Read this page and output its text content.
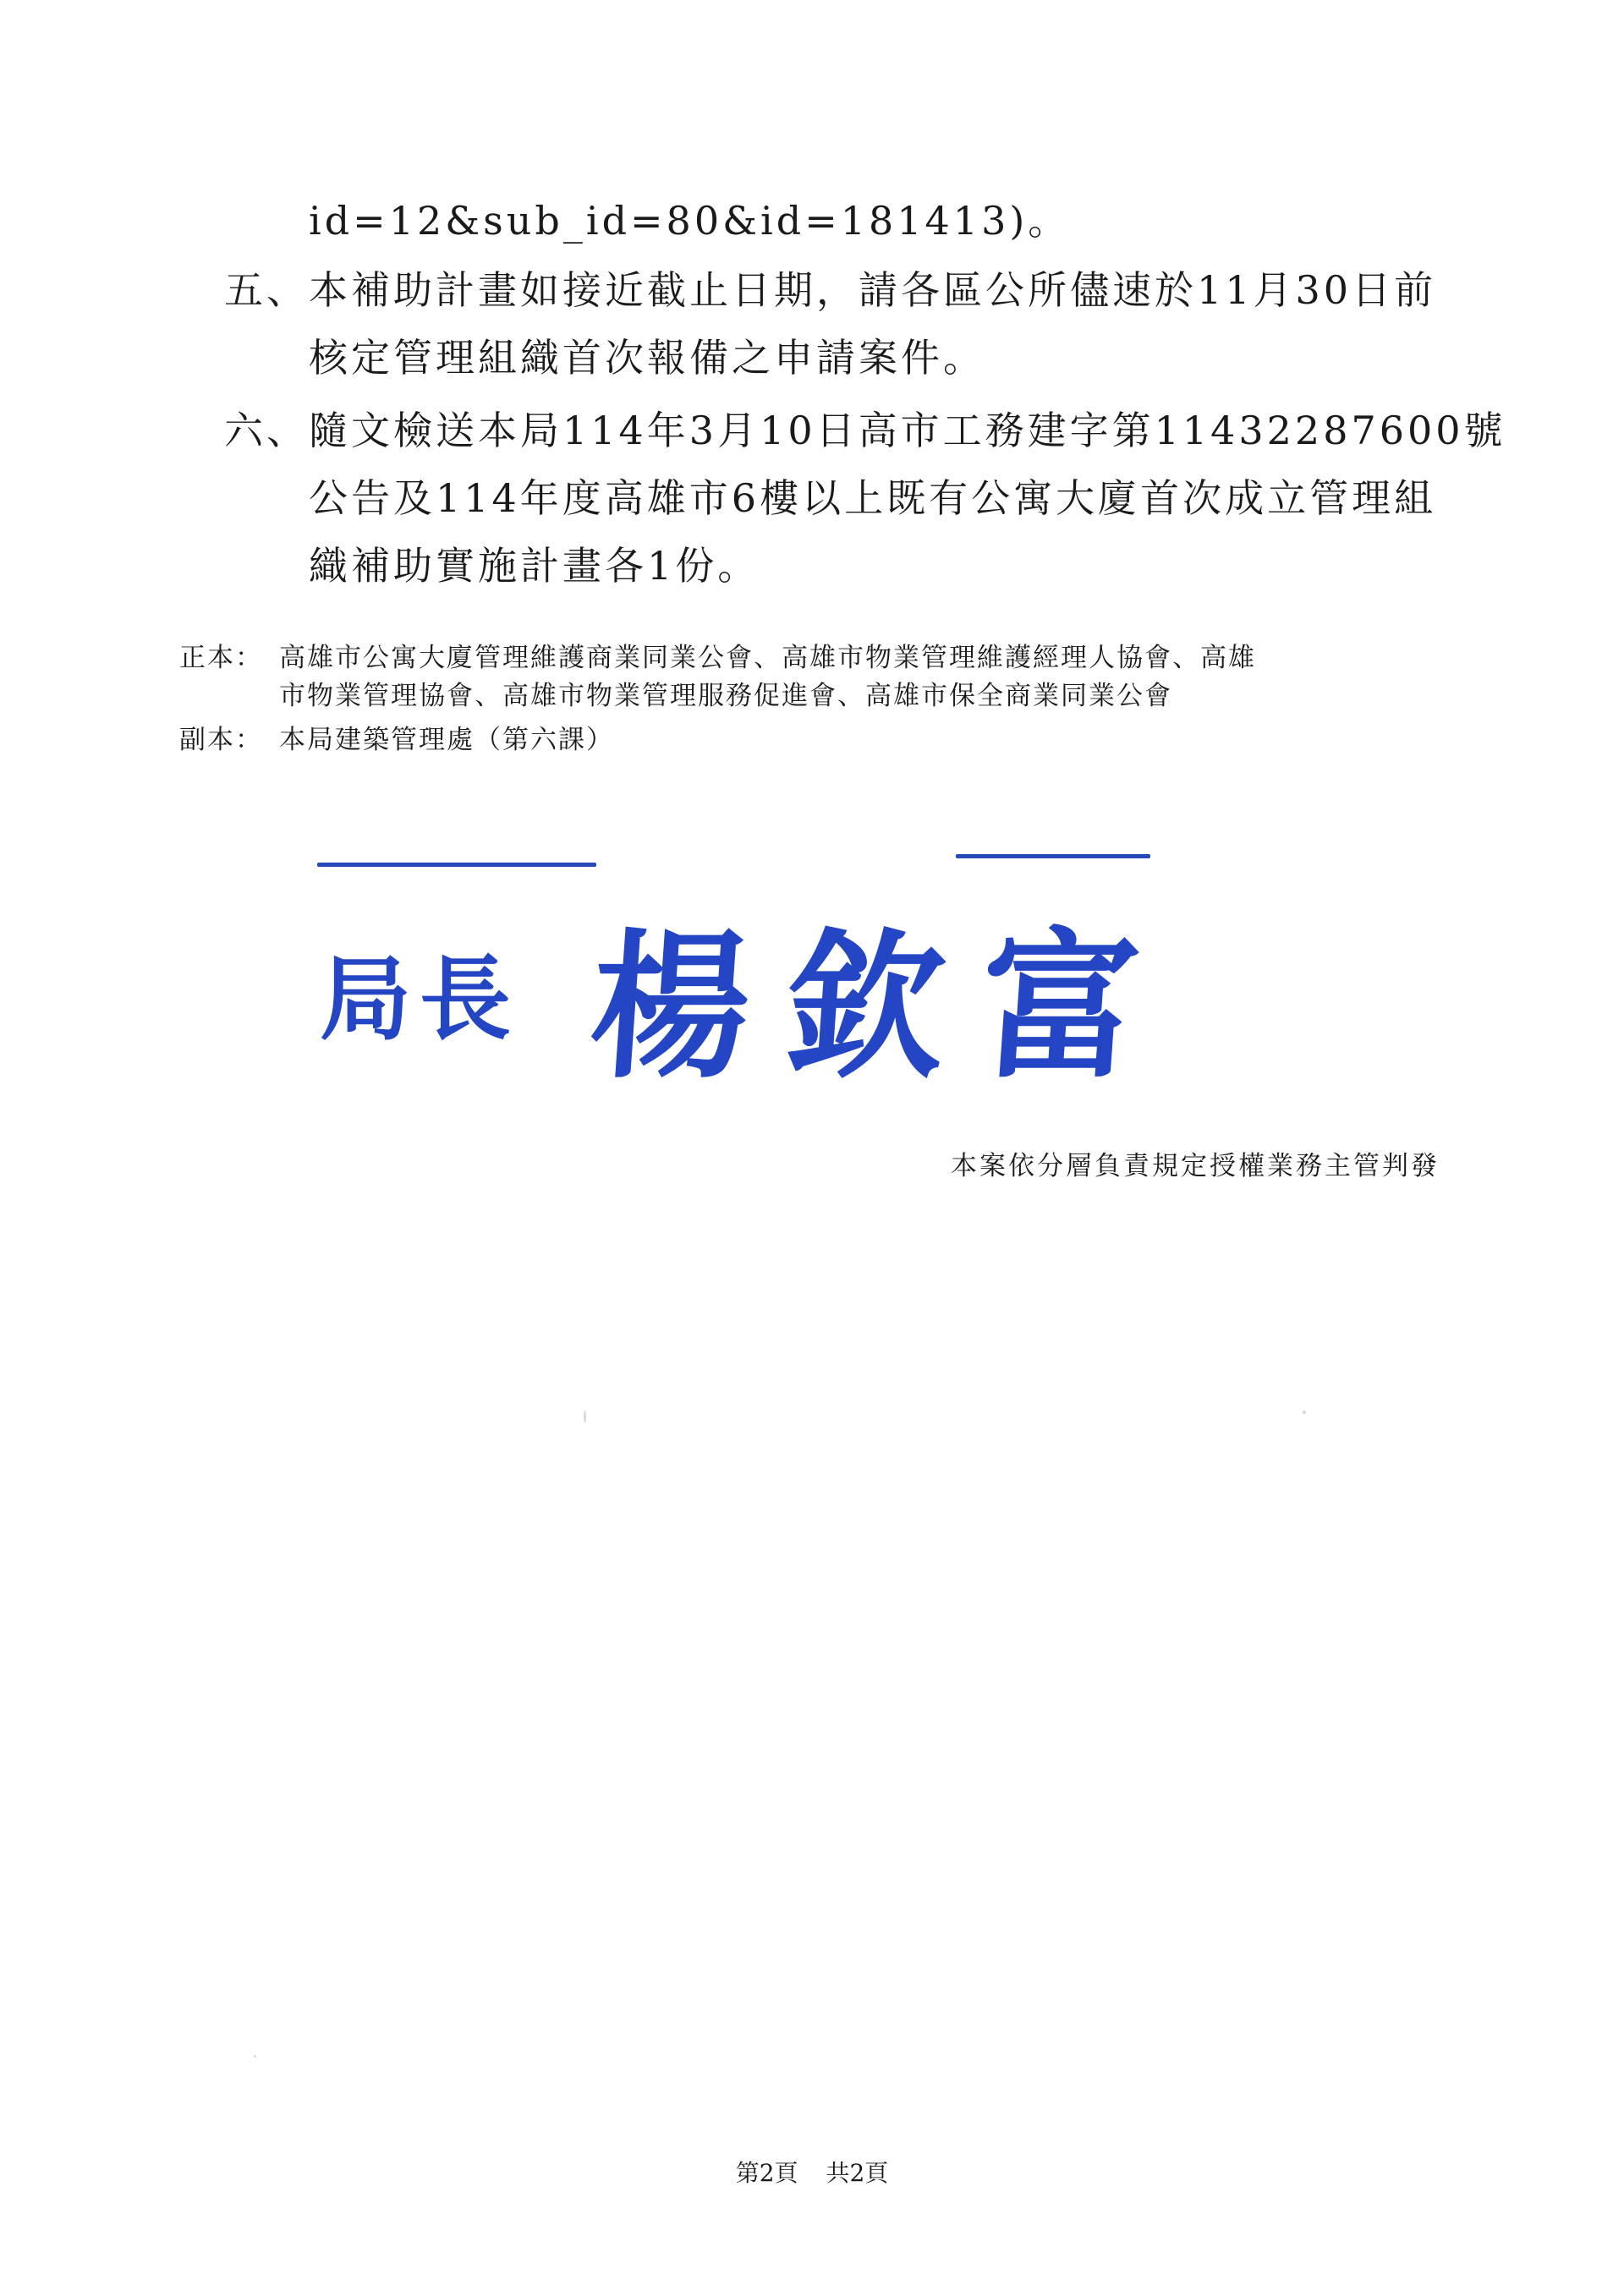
id=12&sub_id=80&id=181413)。
五、 本補助計畫如接近截止日期，請各區公所儘速於11月30日前
核定管理組織首次報備之申請案件。
六、 隨文檢送本局114年3月10日高市工務建字第11432287600號
公告及114年度高雄市6樓以上既有公寓大廈首次成立管理組
織補助實施計畫各1份。
正本： 高雄市公寓大廈管理維護商業同業公會、高雄市物業管理維護經理人協會、高雄
市物業管理協會、高雄市物業管理服務促進會、高雄市保全商業同業公會
副本： 本局建築管理處（第六課）
局長 楊欽富
本案依分層負責規定授權業務主管判發
第2頁 共2頁
